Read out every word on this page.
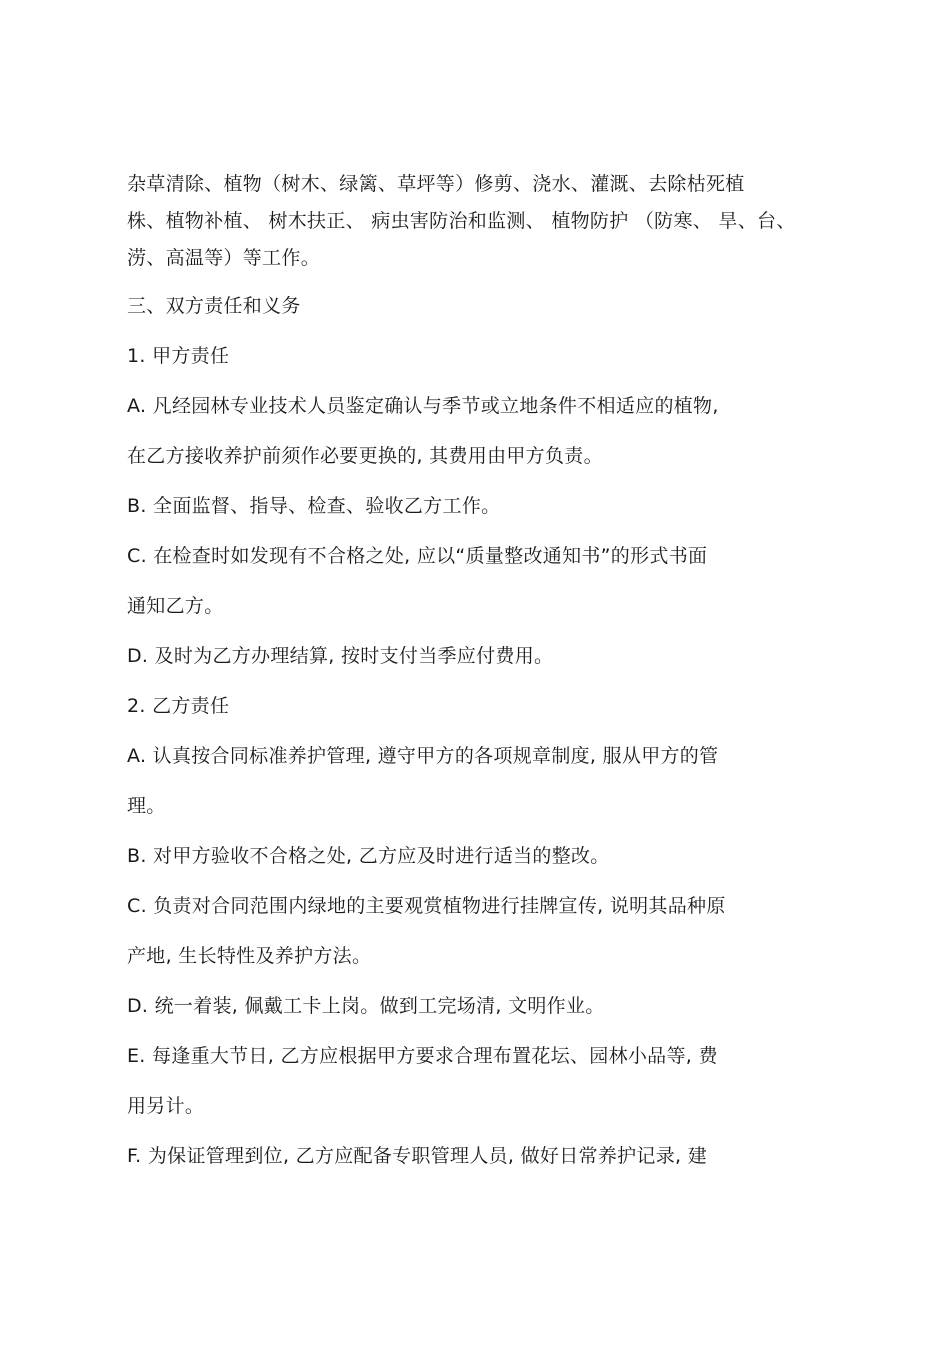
杂草清除、植物（树木、绿篱、草坪等）修剪、浇水、灌溉、去除枯死植
株、植物补植、 树木扶正、 病虫害防治和监测、 植物防护 （防寒、 旱、台、
涝、高温等）等工作。
三、双方责任和义务
1. 甲方责任
A. 凡经园林专业技术人员鉴定确认与季节或立地条件不相适应的植物,
在乙方接收养护前须作必要更换的, 其费用由甲方负责。
B. 全面监督、指导、检查、验收乙方工作。
C. 在检查时如发现有不合格之处, 应以“质量整改通知书”的形式书面
通知乙方。
D. 及时为乙方办理结算, 按时支付当季应付费用。
2. 乙方责任
A. 认真按合同标准养护管理, 遵守甲方的各项规章制度, 服从甲方的管
理。
B. 对甲方验收不合格之处, 乙方应及时进行适当的整改。
C. 负责对合同范围内绿地的主要观赏植物进行挂牌宣传, 说明其品种原
产地, 生长特性及养护方法。
D. 统一着装, 佩戴工卡上岗。做到工完场清, 文明作业。
E. 每逢重大节日, 乙方应根据甲方要求合理布置花坛、园林小品等, 费
用另计。
F. 为保证管理到位, 乙方应配备专职管理人员, 做好日常养护记录, 建
